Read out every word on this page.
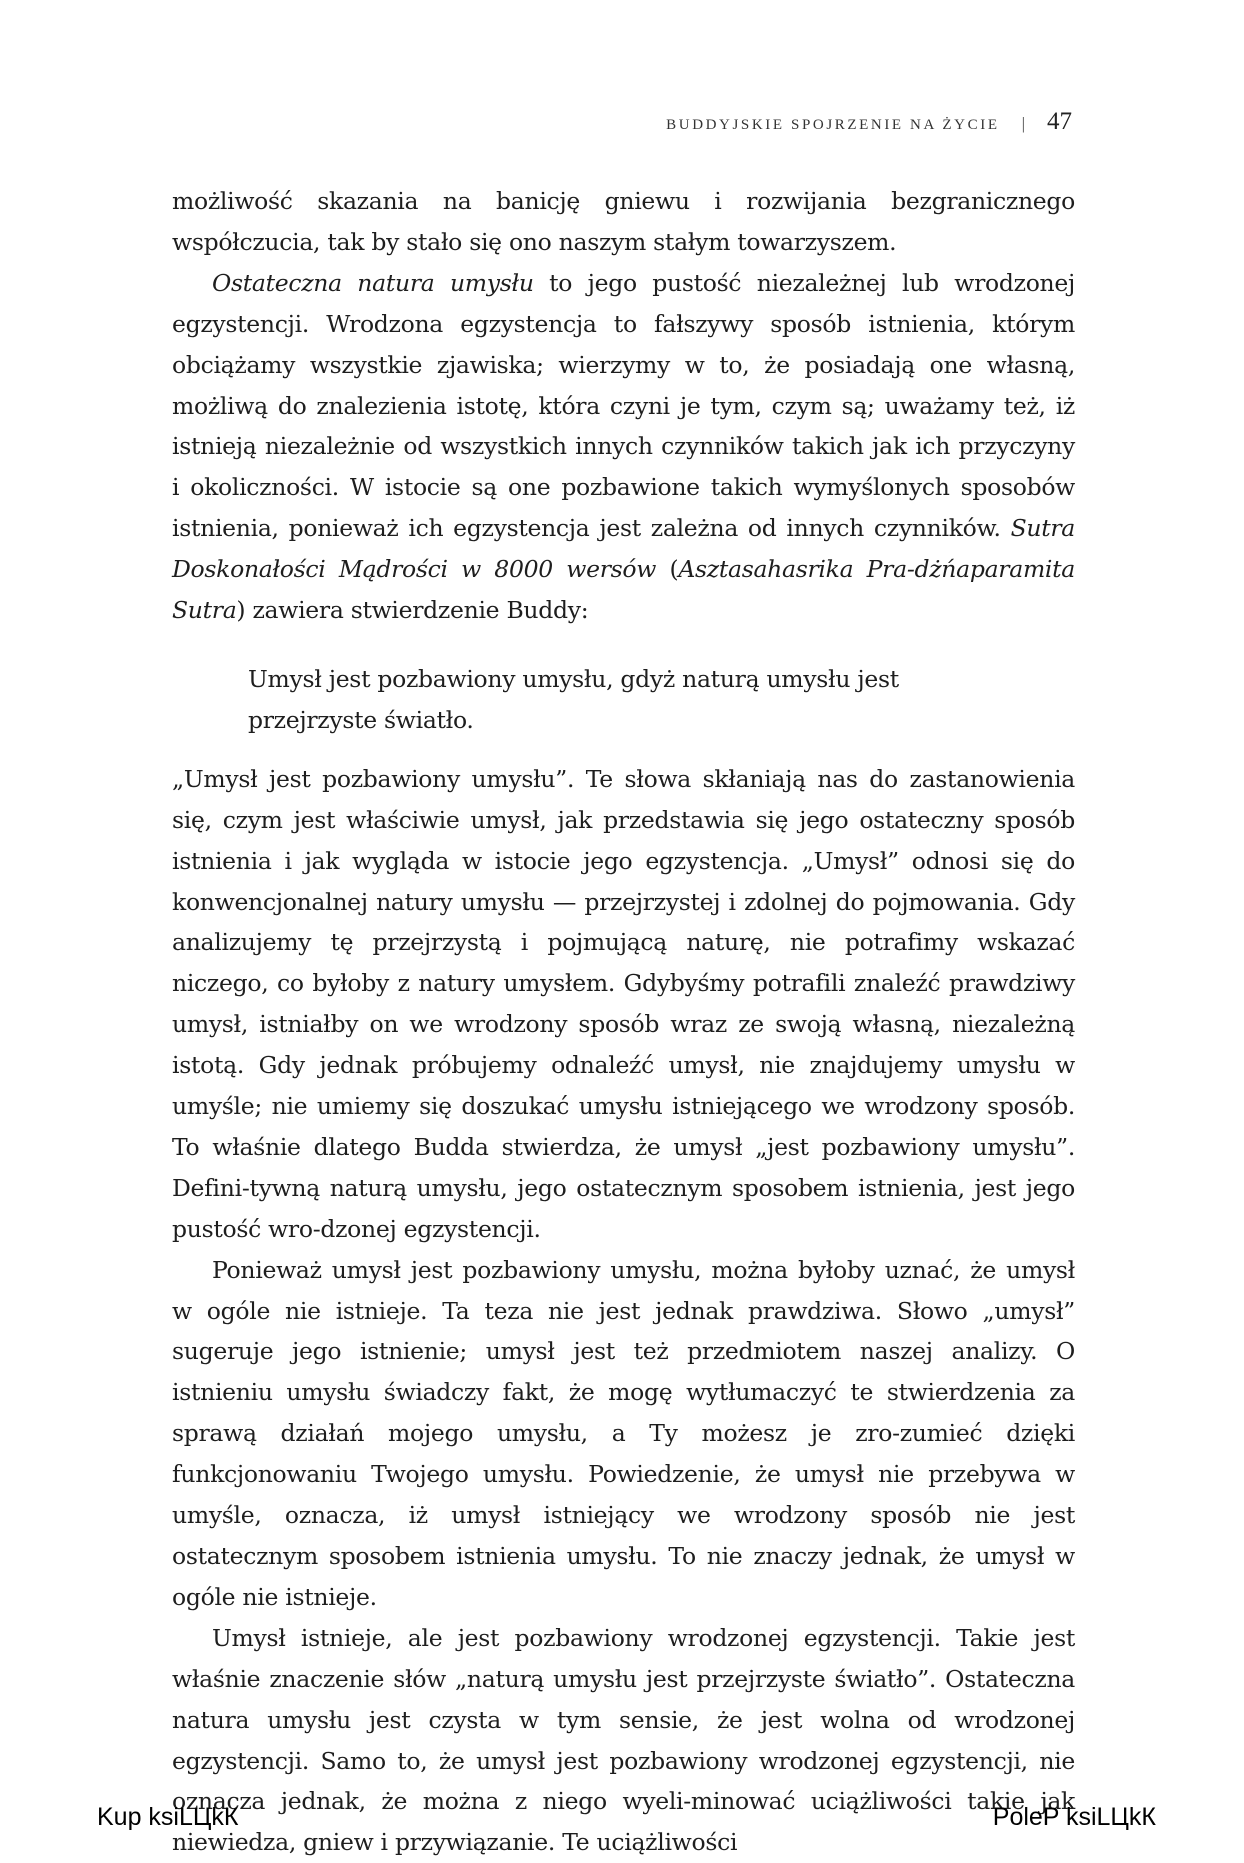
BUDDYJSKIE SPOJRZENIE NA ŻYCIE | 47

możliwość skazania na banicję gniewu i rozwijania bezgranicznego współczucia, tak by stało się ono naszym stałym towarzyszem.

Ostateczna natura umysłu to jego pustość niezależnej lub wrodzonej egzystencji. Wrodzona egzystencja to fałszywy sposób istnienia, którym obciążamy wszystkie zjawiska; wierzymy w to, że posiadają one własną, możliwą do znalezienia istotę, która czyni je tym, czym są; uważamy też, iż istnieją niezależnie od wszystkich innych czynników takich jak ich przyczyny i okoliczności. W istocie są one pozbawione takich wymyślonych sposobów istnienia, ponieważ ich egzystencja jest zależna od innych czynników. Sutra Doskonałości Mądrości w 8000 wersów (Asztasahasrika Pra-dżńaparamita Sutra) zawiera stwierdzenie Buddy:

Umysł jest pozbawiony umysłu, gdyż naturą umysłu jest przejrzyste światło.

„Umysł jest pozbawiony umysłu”. Te słowa skłaniają nas do zastanowienia się, czym jest właściwie umysł, jak przedstawia się jego ostateczny sposób istnienia i jak wygląda w istocie jego egzystencja. „Umysł” odnosi się do konwencjonalnej natury umysłu — przejrzystej i zdolnej do pojmowania. Gdy analizujemy tę przejrzystą i pojmującą naturę, nie potrafimy wskazać niczego, co byłoby z natury umysłem. Gdybyśmy potrafili znaleźć prawdziwy umysł, istniałby on we wrodzony sposób wraz ze swoją własną, niezależną istotą. Gdy jednak próbujemy odnaleźć umysł, nie znajdujemy umysłu w umyśle; nie umiemy się doszukać umysłu istniejącego we wrodzony sposób. To właśnie dlatego Budda stwierdza, że umysł „jest pozbawiony umysłu”. Defini-tywną naturą umysłu, jego ostatecznym sposobem istnienia, jest jego pustość wro-dzonej egzystencji.

Ponieważ umysł jest pozbawiony umysłu, można byłoby uznać, że umysł w ogóle nie istnieje. Ta teza nie jest jednak prawdziwa. Słowo „umysł” sugeruje jego istnienie; umysł jest też przedmiotem naszej analizy. O istnieniu umysłu świadczy fakt, że mogę wytłumaczyć te stwierdzenia za sprawą działań mojego umysłu, a Ty możesz je zro-zumieć dzięki funkcjonowaniu Twojego umysłu. Powiedzenie, że umysł nie przebywa w umyśle, oznacza, iż umysł istniejący we wrodzony sposób nie jest ostatecznym sposobem istnienia umysłu. To nie znaczy jednak, że umysł w ogóle nie istnieje.

Umysł istnieje, ale jest pozbawiony wrodzonej egzystencji. Takie jest właśnie znaczenie słów „naturą umysłu jest przejrzyste światło”. Ostateczna natura umysłu jest czysta w tym sensie, że jest wolna od wrodzonej egzystencji. Samo to, że umysł jest pozbawiony wrodzonej egzystencji, nie oznacza jednak, że można z niego wyeli-minować uciążliwości takie jak niewiedza, gniew i przywiązanie. Te uciążliwości

Kup ksiLЦkК	PoleP ksiLЦkК
